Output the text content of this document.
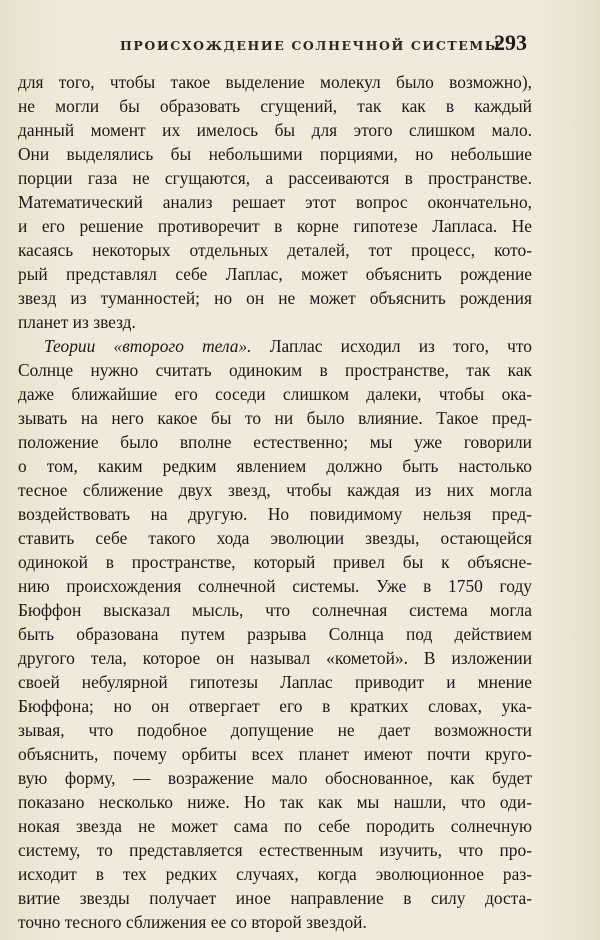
ПРОИСХОЖДЕНИЕ СОЛНЕЧНОЙ СИСТЕМЫ
293
для того, чтобы такое выделение молекул было возможно),
не могли бы образовать сгущений, так как в каждый
данный момент их имелось бы для этого слишком мало.
Они выделялись бы небольшими порциями, но небольшие
порции газа не сгущаются, а рассеиваются в пространстве.
Математический анализ решает этот вопрос окончательно,
и его решение противоречит в корне гипотезе Лапласа. Не
касаясь некоторых отдельных деталей, тот процесс, кото-
рый представлял себе Лаплас, может объяснить рождение
звезд из туманностей; но он не может объяснить рождения
планет из звезд.
Теории «второго тела». Лаплас исходил из того, что
Солнце нужно считать одиноким в пространстве, так как
даже ближайшие его соседи слишком далеки, чтобы ока-
зывать на него какое бы то ни было влияние. Такое пред-
положение было вполне естественно; мы уже говорили
о том, каким редким явлением должно быть настолько
тесное сближение двух звезд, чтобы каждая из них могла
воздействовать на другую. Но повидимому нельзя пред-
ставить себе такого хода эволюции звезды, остающейся
одинокой в пространстве, который привел бы к объясне-
нию происхождения солнечной системы. Уже в 1750 году
Бюффон высказал мысль, что солнечная система могла
быть образована путем разрыва Солнца под действием
другого тела, которое он называл «кометой». В изложении
своей небулярной гипотезы Лаплас приводит и мнение
Бюффона; но он отвергает его в кратких словах, ука-
зывая, что подобное допущение не дает возможности
объяснить, почему орбиты всех планет имеют почти круго-
вую форму, — возражение мало обоснованное, как будет
показано несколько ниже. Но так как мы нашли, что оди-
нокая звезда не может сама по себе породить солнечную
систему, то представляется естественным изучить, что про-
исходит в тех редких случаях, когда эволюционное раз-
витие звезды получает иное направление в силу доста-
точно тесного сближения ее со второй звездой.
